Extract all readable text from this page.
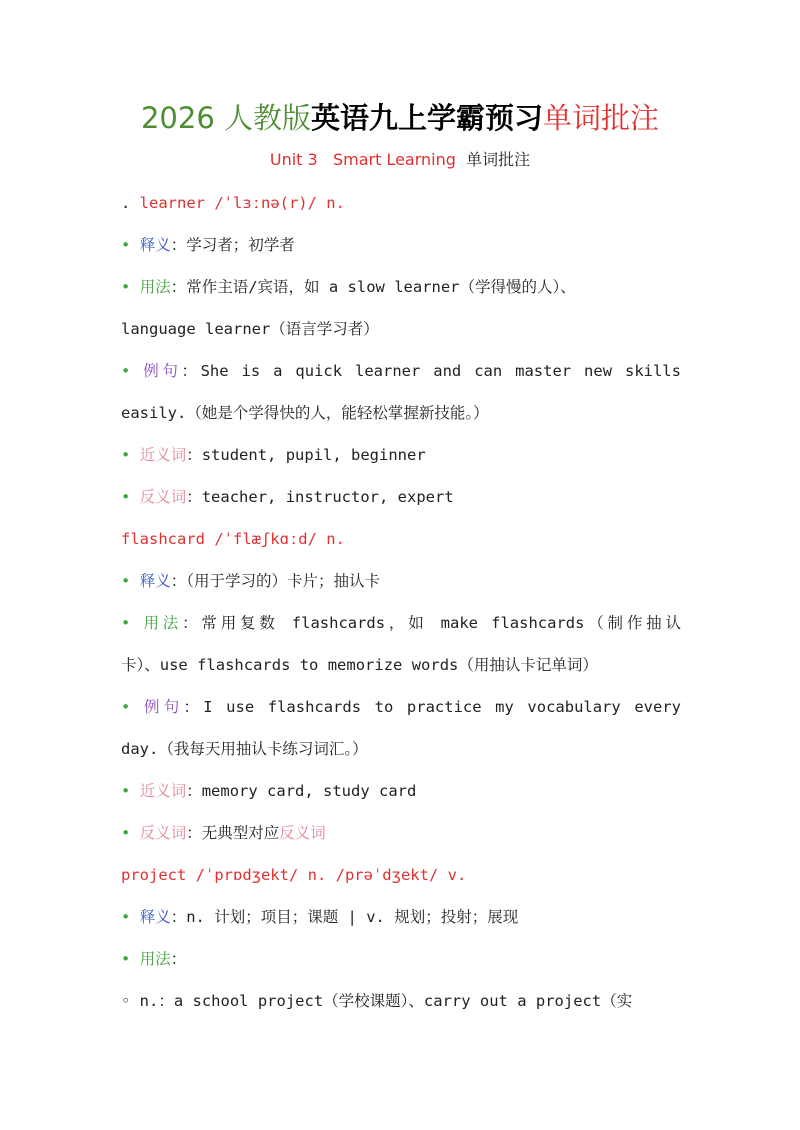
2026 人教版英语九上学霸预习单词批注
Unit 3   Smart Learning 单词批注
. learner /ˈlɜːnə(r)/ n.
• 释义：学习者；初学者
• 用法：常作主语/宾语，如 a slow learner（学得慢的人）、
language learner（语言学习者）
• 例句：She is a quick learner and can master new skills
easily.（她是个学得快的人，能轻松掌握新技能。）
• 近义词：student, pupil, beginner
• 反义词：teacher, instructor, expert
flashcard /ˈflæʃkɑːd/ n.
• 释义：（用于学习的）卡片；抽认卡
• 用法：常用复数 flashcards，如 make flashcards（制作抽认
卡）、use flashcards to memorize words（用抽认卡记单词）
• 例句：I use flashcards to practice my vocabulary every
day.（我每天用抽认卡练习词汇。）
• 近义词：memory card, study card
• 反义词：无典型对应反义词
project /ˈprɒdʒekt/ n. /prəˈdʒekt/ v.
• 释义：n. 计划；项目；课题 | v. 规划；投射；展现
• 用法：
◦ n.：a school project（学校课题）、carry out a project（实
